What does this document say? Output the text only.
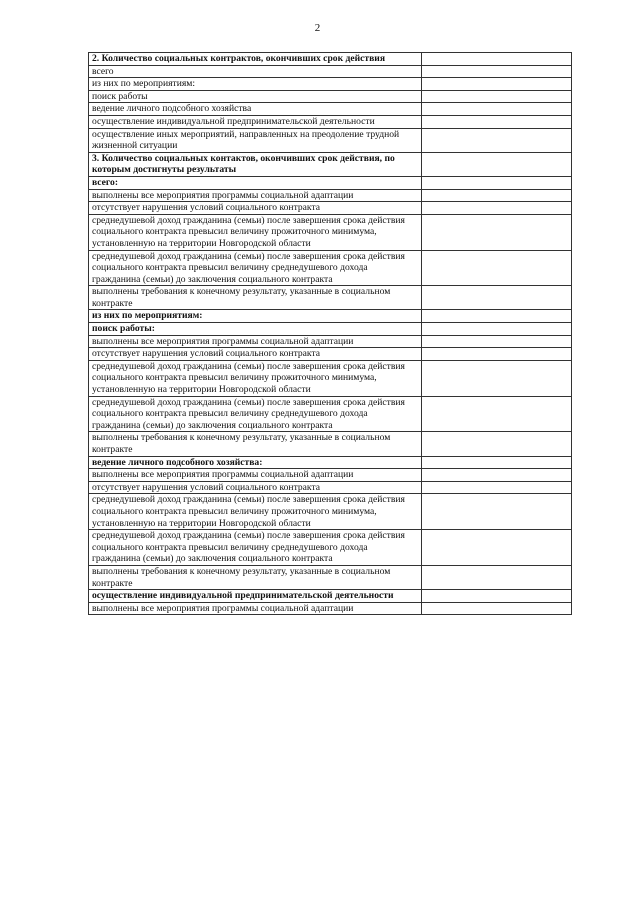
2
2. Количество социальных контрактов, окончивших срок действия	
всего	
из них по мероприятиям:	
поиск работы	
ведение личного подсобного хозяйства	
осуществление индивидуальной предпринимательской деятельности	
осуществление иных мероприятий, направленных на преодоление трудной жизненной ситуации	
3. Количество социальных контактов, окончивших срок действия, по которым достигнуты результаты	
всего:	
выполнены все мероприятия программы социальной адаптации	
отсутствует нарушения условий социального контракта	
среднедушевой доход гражданина (семьи) после завершения срока действия социального контракта превысил величину прожиточного минимума, установленную на территории Новгородской области	
среднедушевой доход гражданина (семьи) после завершения срока действия социального контракта превысил величину среднедушевого дохода гражданина (семьи) до заключения социального контракта	
выполнены требования к конечному результату, указанные в социальном контракте	
из них по мероприятиям:	
поиск работы:	
выполнены все мероприятия программы социальной адаптации	
отсутствует нарушения условий социального контракта	
среднедушевой доход гражданина (семьи) после завершения срока действия социального контракта превысил величину прожиточного минимума, установленную на территории Новгородской области	
среднедушевой доход гражданина (семьи) после завершения срока действия социального контракта превысил величину среднедушевого дохода гражданина (семьи) до заключения социального контракта	
выполнены требования к конечному результату, указанные в социальном контракте	
ведение личного подсобного хозяйства:	
выполнены все мероприятия программы социальной адаптации	
отсутствует нарушения условий социального контракта	
среднедушевой доход гражданина (семьи) после завершения срока действия социального контракта превысил величину прожиточного минимума, установленную на территории Новгородской области	
среднедушевой доход гражданина (семьи) после завершения срока действия социального контракта превысил величину среднедушевого дохода гражданина (семьи) до заключения социального контракта	
выполнены требования к конечному результату, указанные в социальном контракте	
осуществление индивидуальной предпринимательской деятельности	
выполнены все мероприятия программы социальной адаптации	
